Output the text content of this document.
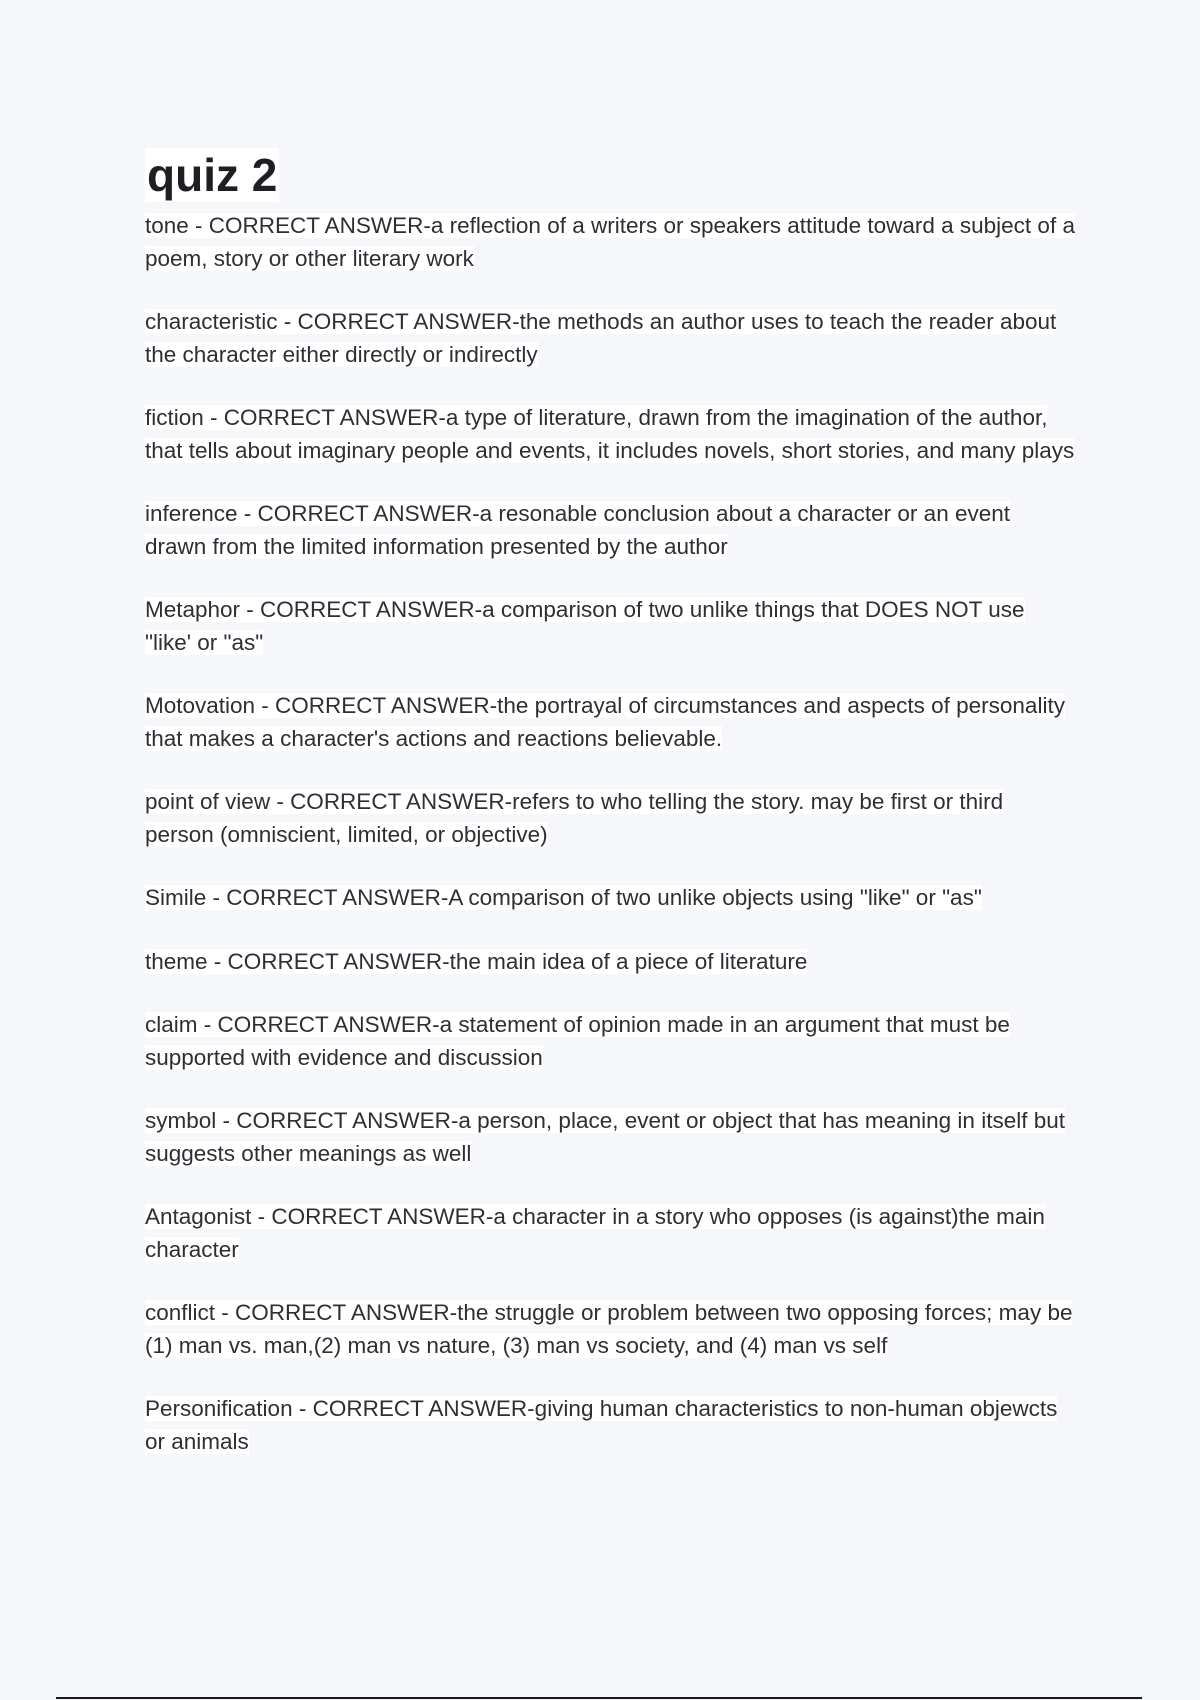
quiz 2

tone - CORRECT ANSWER-a reflection of a writers or speakers attitude toward a subject of a poem, story or other literary work

characteristic - CORRECT ANSWER-the methods an author uses to teach the reader about the character either directly or indirectly

fiction - CORRECT ANSWER-a type of literature, drawn from the imagination of the author, that tells about imaginary people and events, it includes novels, short stories, and many plays

inference - CORRECT ANSWER-a resonable conclusion about a character or an event drawn from the limited information presented by the author

Metaphor - CORRECT ANSWER-a comparison of two unlike things that DOES NOT use "like' or "as"

Motovation - CORRECT ANSWER-the portrayal of circumstances and aspects of personality that makes a character's actions and reactions believable.

point of view - CORRECT ANSWER-refers to who telling the story. may be first or third person (omniscient, limited, or objective)

Simile - CORRECT ANSWER-A comparison of two unlike objects using "like" or "as"

theme - CORRECT ANSWER-the main idea of a piece of literature

claim - CORRECT ANSWER-a statement of opinion made in an argument that must be supported with evidence and discussion

symbol - CORRECT ANSWER-a person, place, event or object that has meaning in itself but suggests other meanings as well

Antagonist - CORRECT ANSWER-a character in a story who opposes (is against)the main character

conflict - CORRECT ANSWER-the struggle or problem between two opposing forces; may be (1) man vs. man,(2) man vs nature, (3) man vs society, and (4) man vs self

Personification - CORRECT ANSWER-giving human characteristics to non-human objewcts or animals
